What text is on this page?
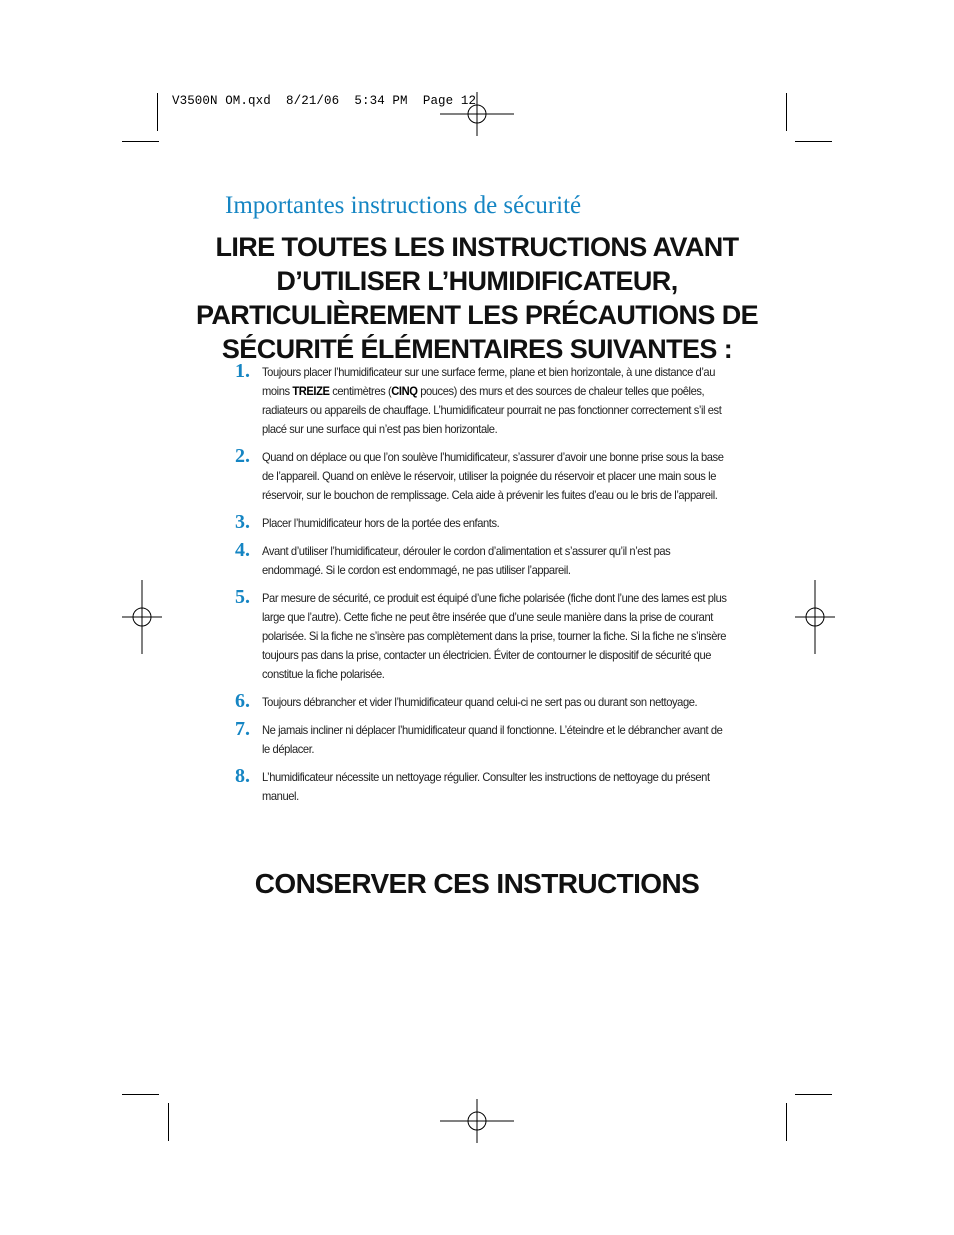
V3500N OM.qxd  8/21/06  5:34 PM  Page 12
Importantes instructions de sécurité
LIRE TOUTES LES INSTRUCTIONS AVANT
D’UTILISER L’HUMIDIFICATEUR,
PARTICULIÈREMENT LES PRÉCAUTIONS DE
SÉCURITÉ ÉLÉMENTAIRES SUIVANTES :
1. Toujours placer l’humidificateur sur une surface ferme, plane et bien horizontale, à une distance d’au moins TREIZE centimètres (CINQ pouces) des murs et des sources de chaleur telles que poêles, radiateurs ou appareils de chauffage. L’humidificateur pourrait ne pas fonctionner correctement s’il est placé sur une surface qui n’est pas bien horizontale.
2. Quand on déplace ou que l’on soulève l’humidificateur, s’assurer d’avoir une bonne prise sous la base de l’appareil. Quand on enlève le réservoir, utiliser la poignée du réservoir et placer une main sous le réservoir, sur le bouchon de remplissage. Cela aide à prévenir les fuites d’eau ou le bris de l’appareil.
3. Placer l’humidificateur hors de la portée des enfants.
4. Avant d’utiliser l’humidificateur, dérouler le cordon d’alimentation et s’assurer qu’il n’est pas endommagé. Si le cordon est endommagé, ne pas utiliser l’appareil.
5. Par mesure de sécurité, ce produit est équipé d’une fiche polarisée (fiche dont l’une des lames est plus large que l’autre). Cette fiche ne peut être insérée que d’une seule manière dans la prise de courant polarisée. Si la fiche ne s’insère pas complètement dans la prise, tourner la fiche. Si la fiche ne s’insère toujours pas dans la prise, contacter un électricien. Éviter de contourner le dispositif de sécurité que constitue la fiche polarisée.
6. Toujours débrancher et vider l’humidificateur quand celui-ci ne sert pas ou durant son nettoyage.
7. Ne jamais incliner ni déplacer l’humidificateur quand il fonctionne. L’éteindre et le débrancher avant de le déplacer.
8. L’humidificateur nécessite un nettoyage régulier. Consulter les instructions de nettoyage du présent manuel.
CONSERVER CES INSTRUCTIONS
